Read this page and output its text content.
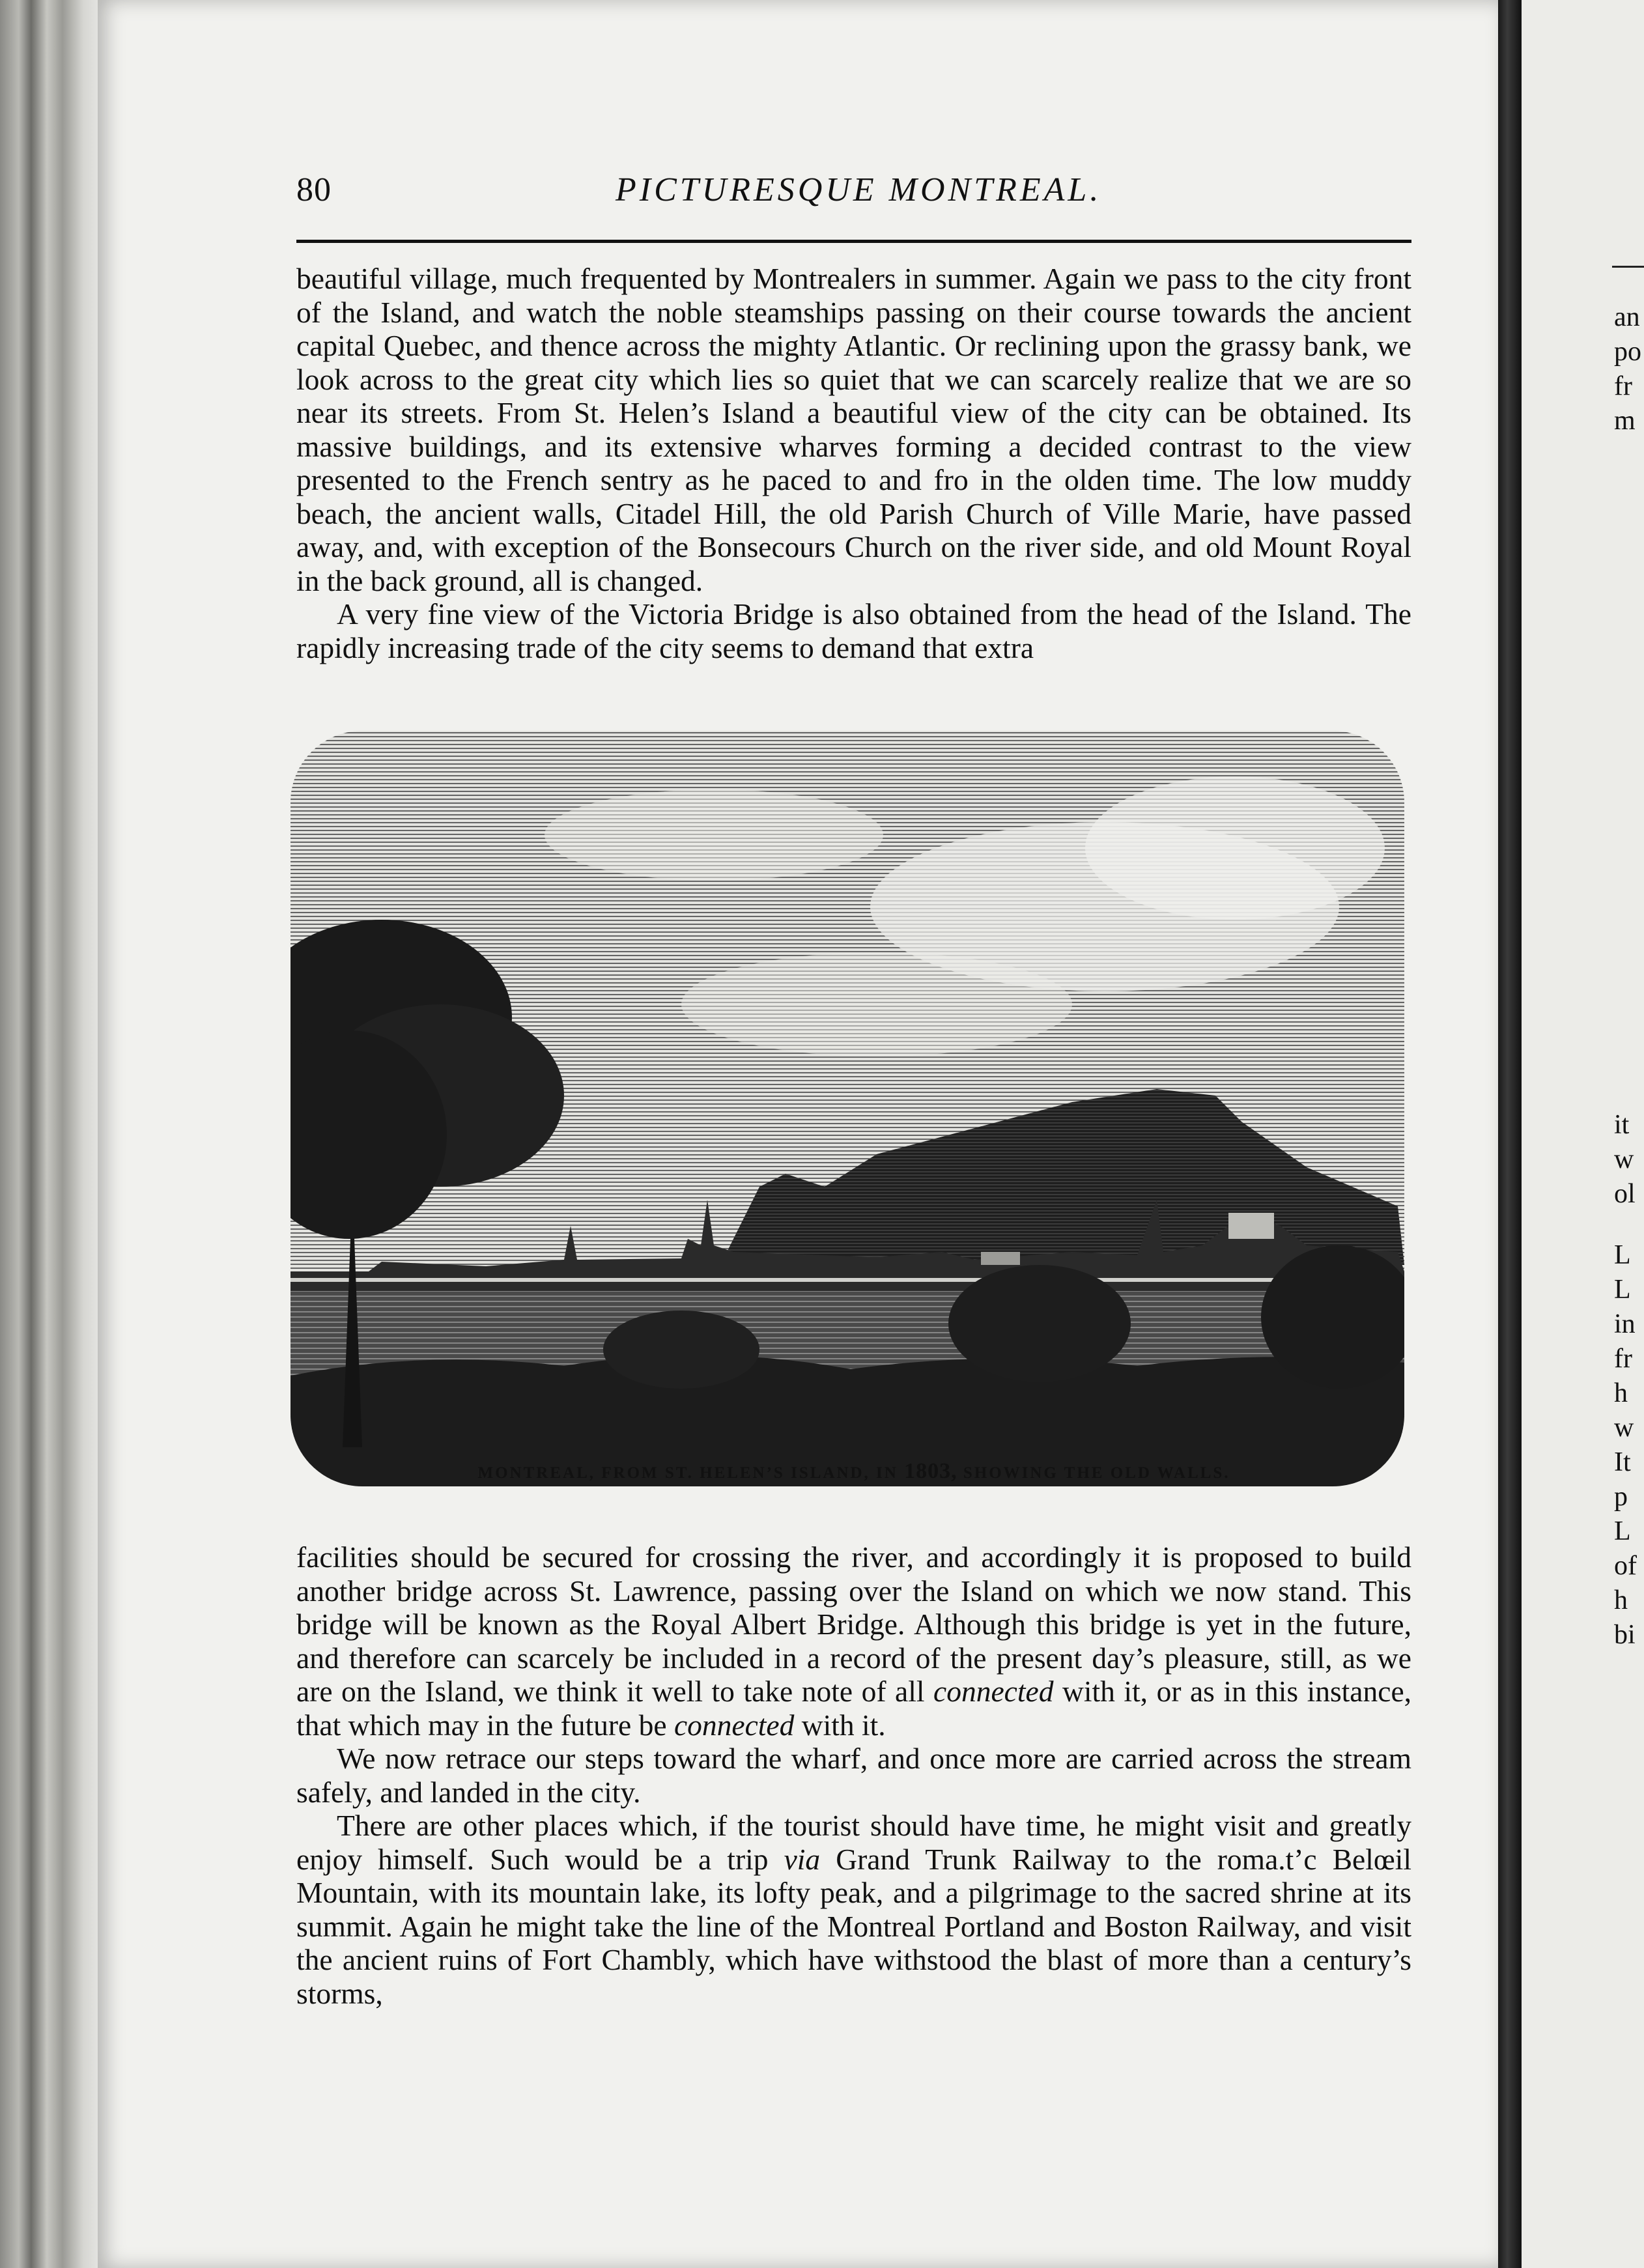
an
po
fr
m
it
w
ol
L
L
in
fr
h
w
It
p
L
of
h
bi
80	PICTURESQUE MONTREAL.

beautiful village, much frequented by Montrealers in summer. Again we pass to the city front of the Island, and watch the noble steamships passing on their course towards the ancient capital Quebec, and thence across the mighty Atlantic. Or reclining upon the grassy bank, we look across to the great city which lies so quiet that we can scarcely realize that we are so near its streets. From St. Helen’s Island a beautiful view of the city can be obtained. Its massive buildings, and its extensive wharves forming a decided contrast to the view presented to the French sentry as he paced to and fro in the olden time. The low muddy beach, the ancient walls, Citadel Hill, the old Parish Church of Ville Marie, have passed away, and, with exception of the Bonsecours Church on the river side, and old Mount Royal in the back ground, all is changed.

A very fine view of the Victoria Bridge is also obtained from the head of the Island. The rapidly increasing trade of the city seems to demand that extra

MONTREAL, FROM ST. HELEN’S ISLAND, IN 1803, SHOWING THE OLD WALLS.

facilities should be secured for crossing the river, and accordingly it is proposed to build another bridge across St. Lawrence, passing over the Island on which we now stand. This bridge will be known as the Royal Albert Bridge. Although this bridge is yet in the future, and therefore can scarcely be included in a record of the present day’s pleasure, still, as we are on the Island, we think it well to take note of all connected with it, or as in this instance, that which may in the future be connected with it.

We now retrace our steps toward the wharf, and once more are carried across the stream safely, and landed in the city.

There are other places which, if the tourist should have time, he might visit and greatly enjoy himself. Such would be a trip via Grand Trunk Railway to the roma.t’c Belœil Mountain, with its mountain lake, its lofty peak, and a pilgrimage to the sacred shrine at its summit. Again he might take the line of the Montreal Portland and Boston Railway, and visit the ancient ruins of Fort Chambly, which have withstood the blast of more than a century’s storms,
